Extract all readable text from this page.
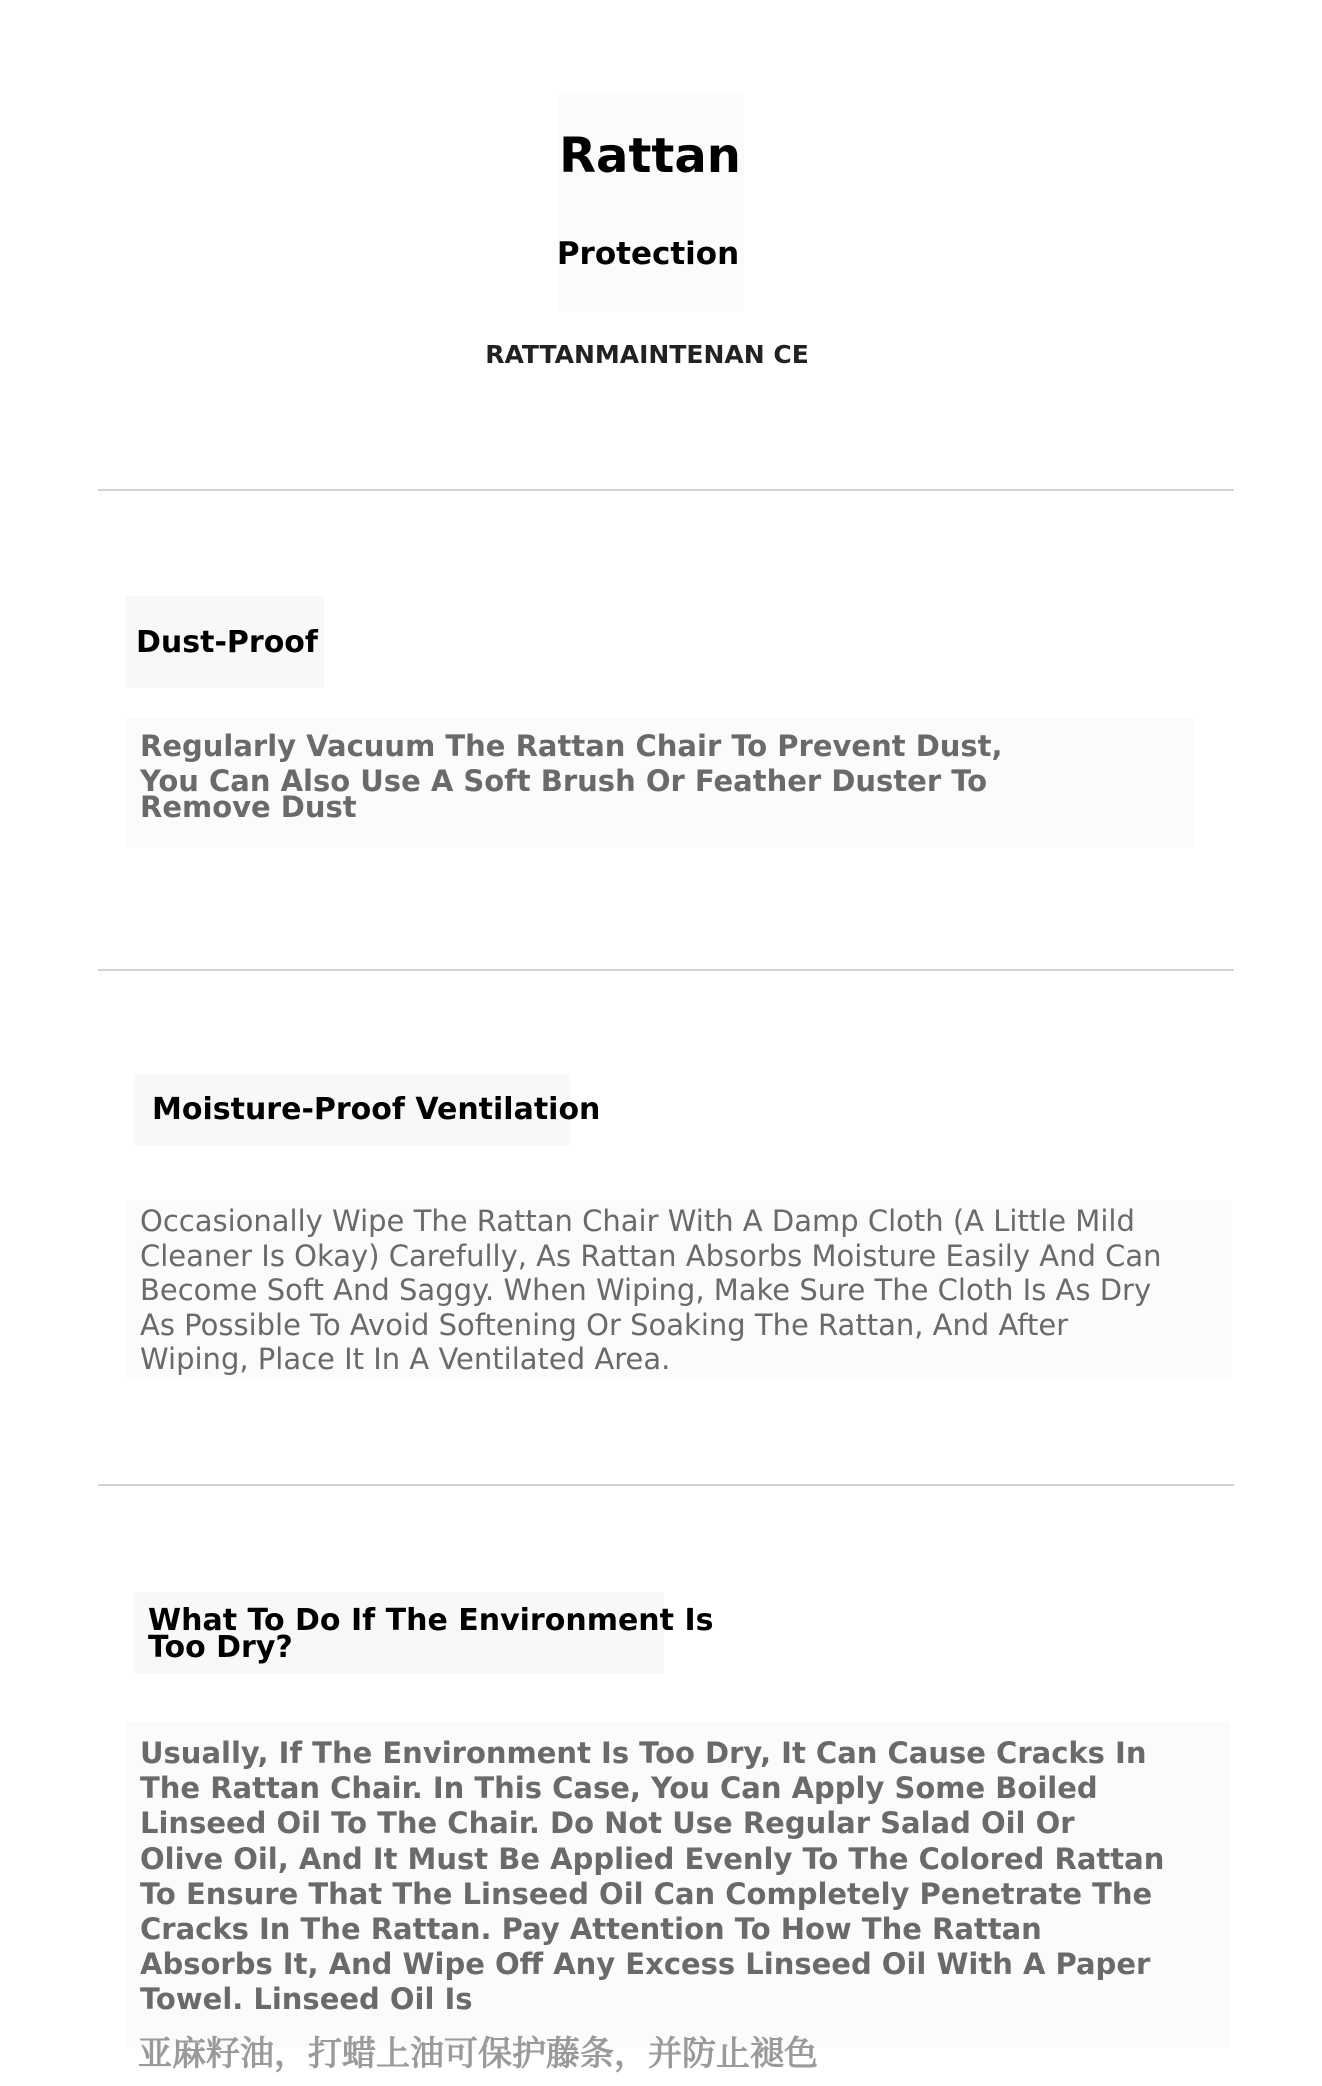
Rattan
Protection
RATTANMAINTENAN CE
Dust-Proof
Regularly Vacuum The Rattan Chair To Prevent Dust,
You Can Also Use A Soft Brush Or Feather Duster To
Remove Dust
Moisture-Proof Ventilation
Occasionally Wipe The Rattan Chair With A Damp Cloth (A Little Mild
Cleaner Is Okay) Carefully, As Rattan Absorbs Moisture Easily And Can
Become Soft And Saggy. When Wiping, Make Sure The Cloth Is As Dry
As Possible To Avoid Softening Or Soaking The Rattan, And After
Wiping, Place It In A Ventilated Area.
What To Do If The Environment Is
Too Dry?
Usually, If The Environment Is Too Dry, It Can Cause Cracks In
The Rattan Chair. In This Case, You Can Apply Some Boiled
Linseed Oil To The Chair. Do Not Use Regular Salad Oil Or
Olive Oil, And It Must Be Applied Evenly To The Colored Rattan
To Ensure That The Linseed Oil Can Completely Penetrate The
Cracks In The Rattan. Pay Attention To How The Rattan
Absorbs It, And Wipe Off Any Excess Linseed Oil With A Paper
Towel. Linseed Oil Is
亚麻籽油，打蜡上油可保护藤条，并防止褪色
